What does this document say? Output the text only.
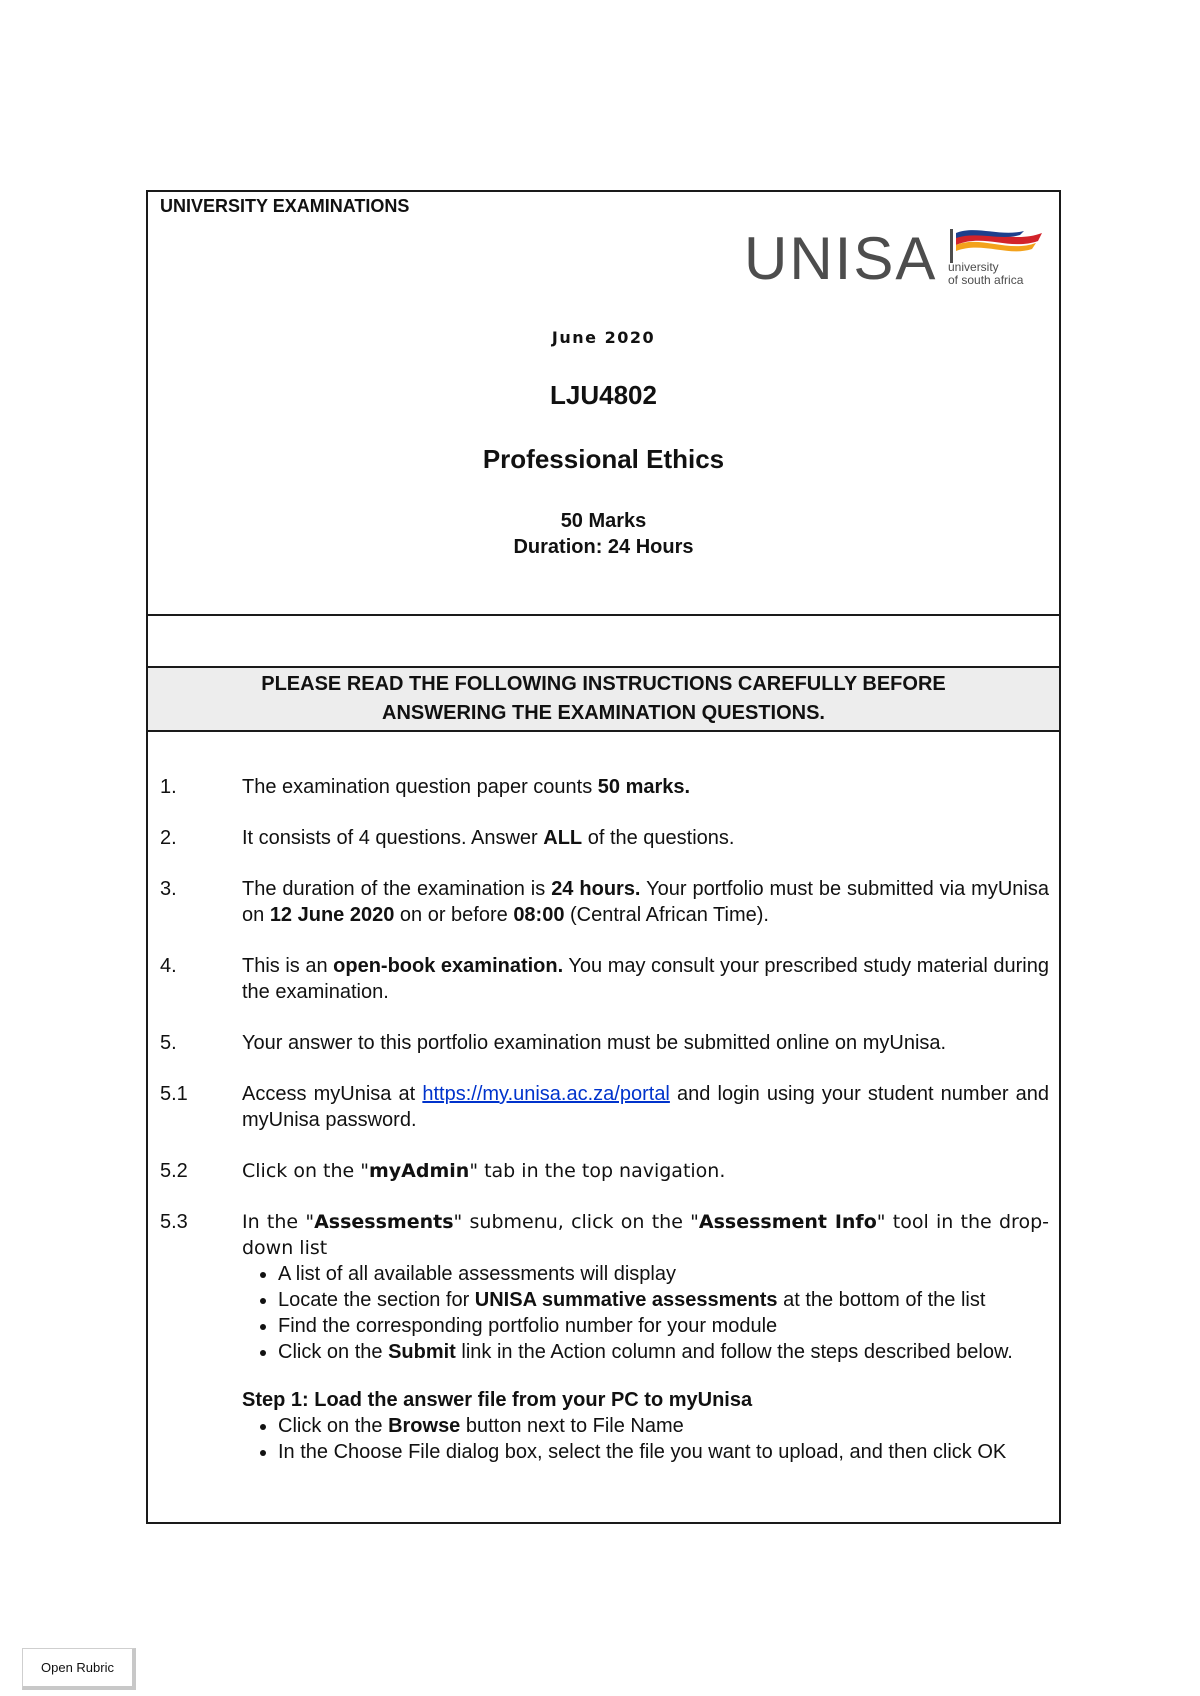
UNIVERSITY EXAMINATIONS
UNISA university
of south africa
June 2020
LJU4802
Professional Ethics
50 Marks
Duration: 24 Hours
PLEASE READ THE FOLLOWING INSTRUCTIONS CAREFULLY BEFORE
ANSWERING THE EXAMINATION QUESTIONS.
1.	The examination question paper counts 50 marks.
2.	It consists of 4 questions. Answer ALL of the questions.
3.	The duration of the examination is 24 hours. Your portfolio must be submitted via myUnisa on 12 June 2020 on or before 08:00 (Central African Time).
4.	This is an open-book examination. You may consult your prescribed study material during the examination.
5.	Your answer to this portfolio examination must be submitted online on myUnisa.
5.1	Access myUnisa at https://my.unisa.ac.za/portal and login using your student number and myUnisa password.
5.2	Click on the "myAdmin" tab in the top navigation.
5.3	In the "Assessments" submenu, click on the "Assessment Info" tool in the drop-down list
• A list of all available assessments will display
• Locate the section for UNISA summative assessments at the bottom of the list
• Find the corresponding portfolio number for your module
• Click on the Submit link in the Action column and follow the steps described below.
Step 1: Load the answer file from your PC to myUnisa
• Click on the Browse button next to File Name
• In the Choose File dialog box, select the file you want to upload, and then click OK
Open Rubric
